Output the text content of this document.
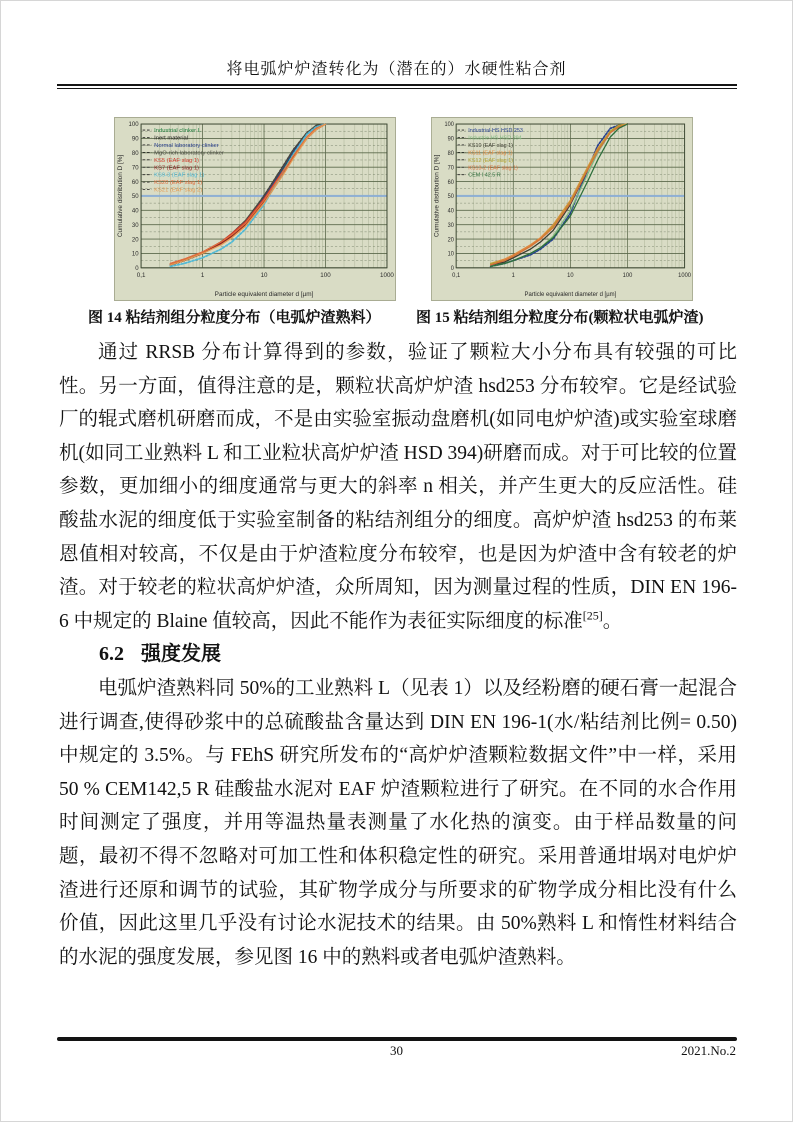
将电弧炉炉渣转化为（潜在的）水硬性粘合剂
Industrial clinker L
Inert material
Normal laboratory clinker
MgO-rich laboratory clinker
KS5 (EAF slag 1)
KS7 (EAF slag 1)
KS9-3 (EAF slag 1)
KS20 (EAF slag 1)
KS21 (EAF slag 2)
0
10
20
30
40
50
60
70
80
90
100
0,1	1	10	100	1000
Particle equivalent diameter d [µm]
Cumulative distribution D [%]
Industrial-HS HSD 253
Industrie-HS HSD 394
KS10 (EAF slag 1)
KS11 (EAF slag 1)
KS12 (EAF slag 1)
KS13-2 (EAF slag 1)
CEM I 42.5 R
0
10
20
30
40
50
60
70
80
90
100
0,1	1	10	100	1000
Particle equivalent diameter d [µm]
Cumulative distribution D [%]
图 14 粘结剂组分粒度分布（电弧炉渣熟料） 图 15 粘结剂组分粒度分布(颗粒状电弧炉渣)

通过 RRSB 分布计算得到的参数，验证了颗粒大小分布具有较强的可比性。另一方面，值得注意的是，颗粒状高炉炉渣 hsd253 分布较窄。它是经试验厂的辊式磨机研磨而成，不是由实验室振动盘磨机(如同电炉炉渣)或实验室球磨机(如同工业熟料 L 和工业粒状高炉炉渣 HSD 394)研磨而成。对于可比较的位置参数，更加细小的细度通常与更大的斜率 n 相关，并产生更大的反应活性。硅酸盐水泥的细度低于实验室制备的粘结剂组分的细度。高炉炉渣 hsd253 的布莱恩值相对较高，不仅是由于炉渣粒度分布较窄，也是因为炉渣中含有较老的炉渣。对于较老的粒状高炉炉渣，众所周知，因为测量过程的性质，DIN EN 196-6 中规定的 Blaine 值较高，因此不能作为表征实际细度的标准[25]。

6.2 强度发展

电弧炉渣熟料同 50%的工业熟料 L（见表 1）以及经粉磨的硬石膏一起混合进行调查,使得砂浆中的总硫酸盐含量达到 DIN EN 196-1(水/粘结剂比例= 0.50)中规定的 3.5%。与 FEhS 研究所发布的“高炉炉渣颗粒数据文件”中一样，采用 50 % CEM142,5 R 硅酸盐水泥对 EAF 炉渣颗粒进行了研究。在不同的水合作用时间测定了强度，并用等温热量表测量了水化热的演变。由于样品数量的问题，最初不得不忽略对可加工性和体积稳定性的研究。采用普通坩埚对电炉炉渣进行还原和调节的试验，其矿物学成分与所要求的矿物学成分相比没有什么价值，因此这里几乎没有讨论水泥技术的结果。由 50%熟料 L 和惰性材料结合的水泥的强度发展，参见图 16 中的熟料或者电弧炉渣熟料。

30	2021.No.2
